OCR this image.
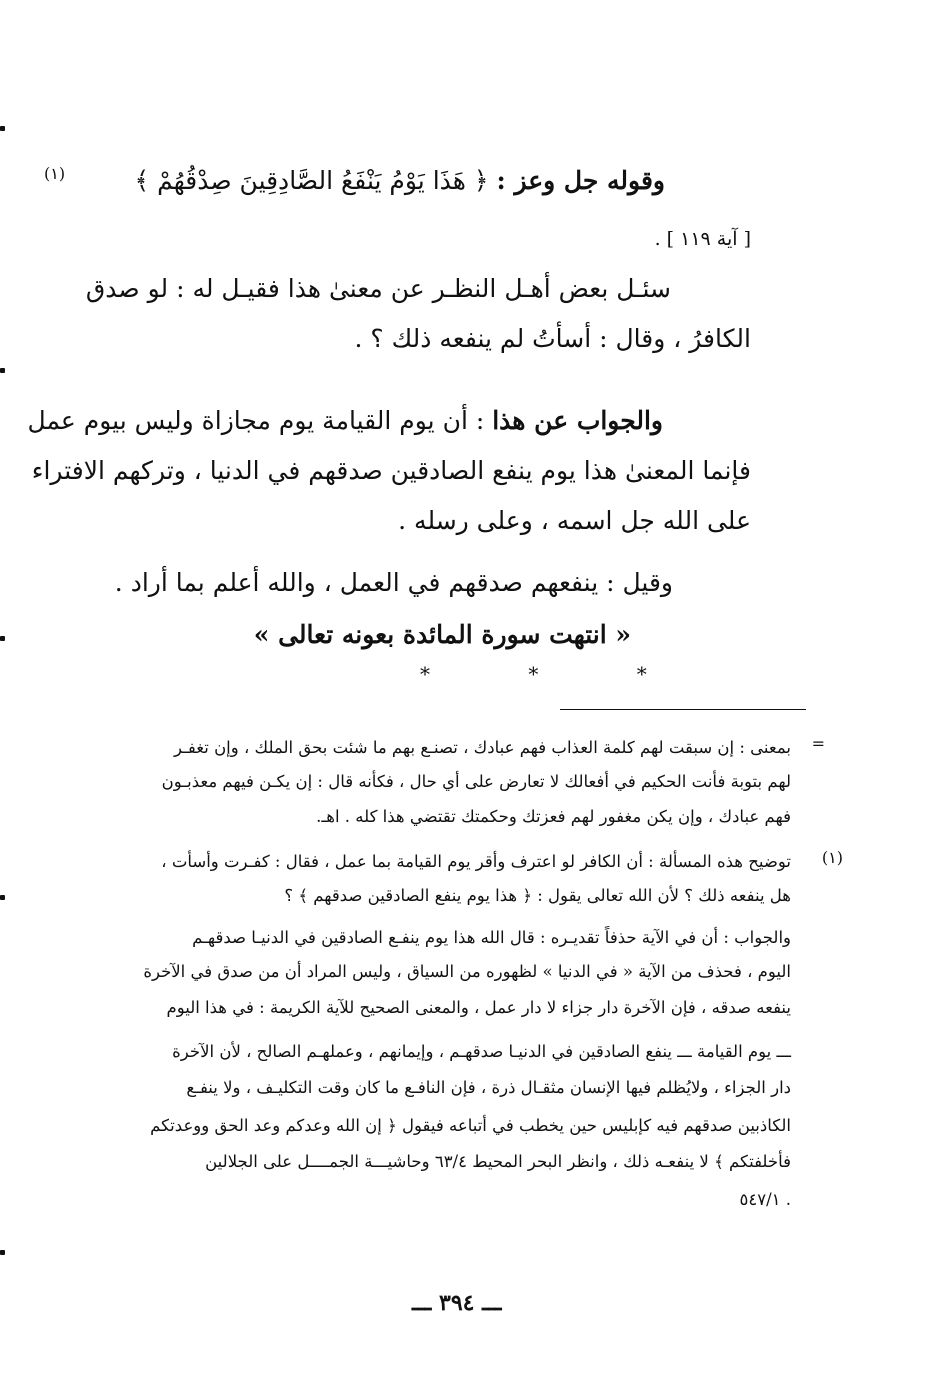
وقوله جل وعز : ﴿ هَذَا يَوْمُ يَنْفَعُ الصَّادِقِينَ صِدْقُهُمْ ﴾
(١)
[ آية ١١٩ ] .
سئـل بعض أهـل النظـر عن معنىٰ هذا فقيـل له : لو صدق
الكافرُ ، وقال : أسأتُ لم ينفعه ذلك ؟ .
والجواب عن هذا : أن يوم القيامة يوم مجازاة وليس بيوم عمل
فإنما المعنىٰ هذا يوم ينفع الصادقين صدقهم في الدنيا ، وتركهم الافتراء
على الله جل اسمه ، وعلى رسله .
وقيل : ينفعهم صدقهم في العمل ، والله أعلم بما أراد .
« انتهت سورة المائدة بعونه تعالى »
* * *
=
بمعنى : إن سبقت لهم كلمة العذاب فهم عبادك ، تصنـع بهم ما شئت بحق الملك ، وإن تغفـر
لهم بتوبة فأنت الحكيم في أفعالك لا تعارض على أي حال ، فكأنه قال : إن يكـن فيهم معذبـون
فهم عبادك ، وإن يكن مغفور لهم فعزتك وحكمتك تقتضي هذا كله . اهـ.
(١)
توضيح هذه المسألة : أن الكافر لو اعترف وأقر يوم القيامة بما عمل ، فقال : كفـرت وأسأت ،
هل ينفعه ذلك ؟ لأن الله تعالى يقول : ﴿ هذا يوم ينفع الصادقين صدقهم ﴾ ؟
والجواب : أن في الآية حذفاً تقديـره : قال الله هذا يوم ينفـع الصادقين في الدنيـا صدقهـم
اليوم ، فحذف من الآية « في الدنيا » لظهوره من السياق ، وليس المراد أن من صدق في الآخرة
ينفعه صدقه ، فإن الآخرة دار جزاء لا دار عمل ، والمعنى الصحيح للآية الكريمة : في هذا اليوم
ـــ يوم القيامة ـــ ينفع الصادقين في الدنيـا صدقهـم ، وإيمانهم ، وعملهـم الصالح ، لأن الآخرة
دار الجزاء ، ولايُظلم فيها الإنسان مثقـال ذرة ، فإن النافـع ما كان وقت التكليـف ، ولا ينفـع
الكاذبين صدقهم فيه كإبليس حين يخطب في أتباعه فيقول ﴿ إن الله وعدكم وعد الحق ووعدتكم
فأخلفتكم ﴾ لا ينفعـه ذلك ، وانظر البحر المحيط ٦٣/٤ وحاشيـــة الجمــــل على الجلالين
٥٤٧/١ .
ـــ ٣٩٤ ـــ
